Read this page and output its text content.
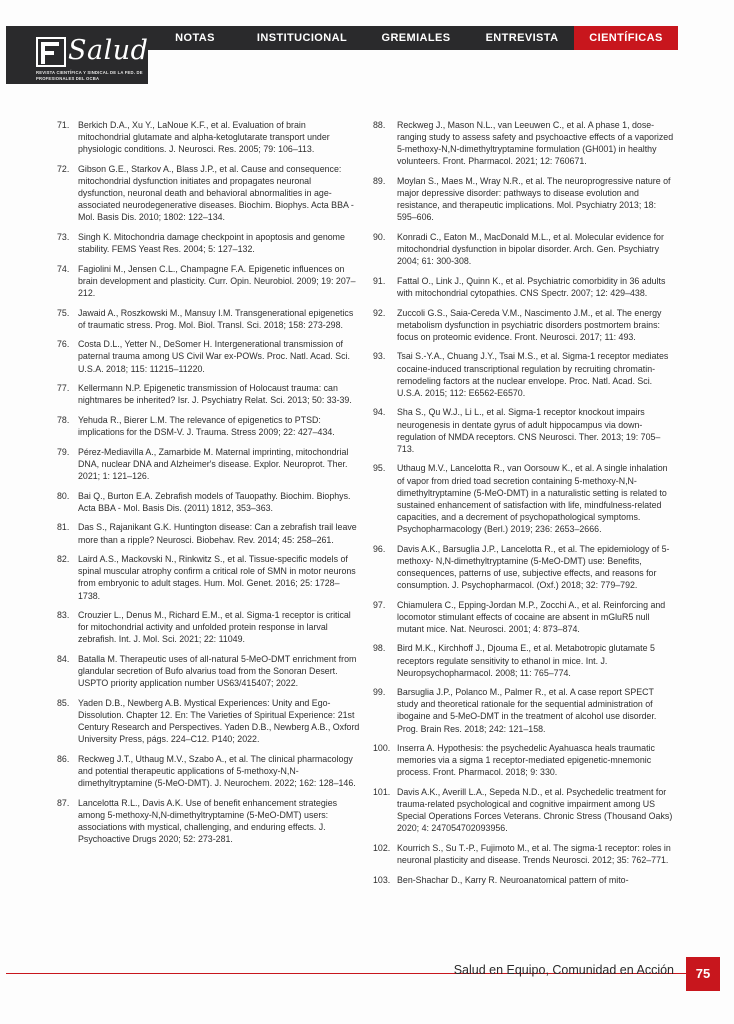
Salud
REVISTA CIENTÍFICA Y SINDICAL DE LA FED. DE PROFESIONALES DEL OCBA
NOTAS	INSTITUCIONAL	GREMIALES	ENTREVISTA	CIENTÍFICAS
71. Berkich D.A., Xu Y., LaNoue K.F., et al. Evaluation of brain mitochondrial glutamate and alpha-ketoglutarate transport under physiologic conditions. J. Neurosci. Res. 2005; 79: 106–113.
72. Gibson G.E., Starkov A., Blass J.P., et al. Cause and consequence: mitochondrial dysfunction initiates and propagates neuronal dysfunction, neuronal death and behavioral abnormalities in age-associated neurodegenerative diseases. Biochim. Biophys. Acta BBA - Mol. Basis Dis. 2010; 1802: 122–134.
73. Singh K. Mitochondria damage checkpoint in apoptosis and genome stability. FEMS Yeast Res. 2004; 5: 127–132.
74. Fagiolini M., Jensen C.L., Champagne F.A. Epigenetic influences on brain development and plasticity. Curr. Opin. Neurobiol. 2009; 19: 207–212.
75. Jawaid A., Roszkowski M., Mansuy I.M. Transgenerational epigenetics of traumatic stress. Prog. Mol. Biol. Transl. Sci. 2018; 158: 273-298.
76. Costa D.L., Yetter N., DeSomer H. Intergenerational transmission of paternal trauma among US Civil War ex-POWs. Proc. Natl. Acad. Sci. U.S.A. 2018; 115: 11215–11220.
77. Kellermann N.P. Epigenetic transmission of Holocaust trauma: can nightmares be inherited? Isr. J. Psychiatry Relat. Sci. 2013; 50: 33-39.
78. Yehuda R., Bierer L.M. The relevance of epigenetics to PTSD: implications for the DSM-V. J. Trauma. Stress 2009; 22: 427–434.
79. Pérez-Mediavilla A., Zamarbide M. Maternal imprinting, mitochondrial DNA, nuclear DNA and Alzheimer's disease. Explor. Neuroprot. Ther. 2021; 1: 121–126.
80. Bai Q., Burton E.A. Zebrafish models of Tauopathy. Biochim. Biophys. Acta BBA - Mol. Basis Dis. (2011) 1812, 353–363.
81. Das S., Rajanikant G.K. Huntington disease: Can a zebrafish trail leave more than a ripple? Neurosci. Biobehav. Rev. 2014; 45: 258–261.
82. Laird A.S., Mackovski N., Rinkwitz S., et al. Tissue-specific models of spinal muscular atrophy confirm a critical role of SMN in motor neurons from embryonic to adult stages. Hum. Mol. Genet. 2016; 25: 1728–1738.
83. Crouzier L., Denus M., Richard E.M., et al. Sigma-1 receptor is critical for mitochondrial activity and unfolded protein response in larval zebrafish. Int. J. Mol. Sci. 2021; 22: 11049.
84. Batalla M. Therapeutic uses of all-natural 5-MeO-DMT enrichment from glandular secretion of Bufo alvarius toad from the Sonoran Desert. USPTO priority application number US63/415407; 2022.
85. Yaden D.B., Newberg A.B. Mystical Experiences: Unity and Ego-Dissolution. Chapter 12. En: The Varieties of Spiritual Experience: 21st Century Research and Perspectives. Yaden D.B., Newberg A.B., Oxford University Press, págs. 224–C12. P140; 2022.
86. Reckweg J.T., Uthaug M.V., Szabo A., et al. The clinical pharmacology and potential therapeutic applications of 5-methoxy-N,N-dimethyltryptamine (5-MeO-DMT). J. Neurochem. 2022; 162: 128–146.
87. Lancelotta R.L., Davis A.K. Use of benefit enhancement strategies among 5-methoxy-N,N-dimethyltryptamine (5-MeO-DMT) users: associations with mystical, challenging, and enduring effects. J. Psychoactive Drugs 2020; 52: 273-281.
88.	Reckweg J., Mason N.L., van Leeuwen C., et al. A phase 1, dose-ranging study to assess safety and psychoactive effects of a vaporized 5-methoxy-N,N-dimethyltryptamine formulation (GH001) in healthy volunteers. Front. Pharmacol. 2021; 12: 760671.
89.	Moylan S., Maes M., Wray N.R., et al. The neuroprogressive nature of major depressive disorder: pathways to disease evolution and resistance, and therapeutic implications. Mol. Psychiatry 2013; 18: 595–606.
90.	Konradi C., Eaton M., MacDonald M.L., et al. Molecular evidence for mitochondrial dysfunction in bipolar disorder. Arch. Gen. Psychiatry 2004; 61: 300-308.
91.	Fattal O., Link J., Quinn K., et al. Psychiatric comorbidity in 36 adults with mitochondrial cytopathies. CNS Spectr. 2007; 12: 429–438.
92.	Zuccoli G.S., Saia-Cereda V.M., Nascimento J.M., et al. The energy metabolism dysfunction in psychiatric disorders postmortem brains: focus on proteomic evidence. Front. Neurosci. 2017; 11: 493.
93.	Tsai S.-Y.A., Chuang J.Y., Tsai M.S., et al. Sigma-1 receptor mediates cocaine-induced transcriptional regulation by recruiting chromatin-remodeling factors at the nuclear envelope. Proc. Natl. Acad. Sci. U.S.A. 2015; 112: E6562-E6570.
94.	Sha S., Qu W.J., Li L., et al. Sigma-1 receptor knockout impairs neurogenesis in dentate gyrus of adult hippocampus via down-regulation of NMDA receptors. CNS Neurosci. Ther. 2013; 19: 705–713.
95.	Uthaug M.V., Lancelotta R., van Oorsouw K., et al. A single inhalation of vapor from dried toad secretion containing 5-methoxy-N,N-dimethyltryptamine (5-MeO-DMT) in a naturalistic setting is related to sustained enhancement of satisfaction with life, mindfulness-related capacities, and a decrement of psychopathological symptoms. Psychopharmacology (Berl.) 2019; 236: 2653–2666.
96.	Davis A.K., Barsuglia J.P., Lancelotta R., et al. The epidemiology of 5-methoxy- N,N-dimethyltryptamine (5-MeO-DMT) use: Benefits, consequences, patterns of use, subjective effects, and reasons for consumption. J. Psychopharmacol. (Oxf.) 2018; 32: 779–792.
97.	Chiamulera C., Epping-Jordan M.P., Zocchi A., et al. Reinforcing and locomotor stimulant effects of cocaine are absent in mGluR5 null mutant mice. Nat. Neurosci. 2001; 4: 873–874.
98.	Bird M.K., Kirchhoff J., Djouma E., et al. Metabotropic glutamate 5 receptors regulate sensitivity to ethanol in mice. Int. J. Neuropsychopharmacol. 2008; 11: 765–774.
99.	Barsuglia J.P., Polanco M., Palmer R., et al. A case report SPECT study and theoretical rationale for the sequential administration of ibogaine and 5-MeO-DMT in the treatment of alcohol use disorder. Prog. Brain Res. 2018; 242: 121–158.
100. Inserra A. Hypothesis: the psychedelic Ayahuasca heals traumatic memories via a sigma 1 receptor-mediated epigenetic-mnemonic process. Front. Pharmacol. 2018; 9: 330.
101. Davis A.K., Averill L.A., Sepeda N.D., et al. Psychedelic treatment for trauma-related psychological and cognitive impairment among US Special Operations Forces Veterans. Chronic Stress (Thousand Oaks) 2020; 4: 247054702093956.
102. Kourrich S., Su T.-P., Fujimoto M., et al. The sigma-1 receptor: roles in neuronal plasticity and disease. Trends Neurosci. 2012; 35: 762–771.
103. Ben-Shachar D., Karry R. Neuroanatomical pattern of mito-
Salud en Equipo, Comunidad en Acción	75
